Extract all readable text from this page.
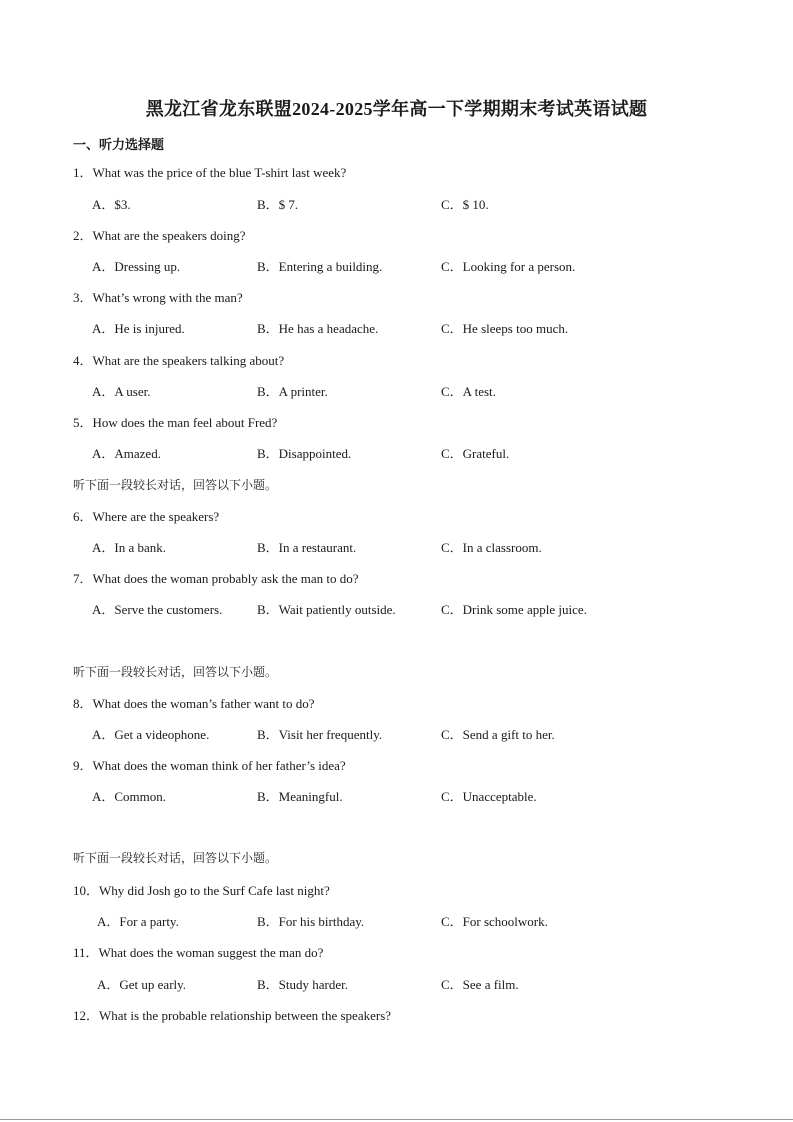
黑龙江省龙东联盟2024-2025学年高一下学期期末考试英语试题
一、听力选择题
1．What was the price of the blue T-shirt last week?
A．$3.	B．$ 7.	C．$ 10.
2．What are the speakers doing?
A．Dressing up.	B．Entering a building.	C．Looking for a person.
3．What’s wrong with the man?
A．He is injured.	B．He has a headache.	C．He sleeps too much.
4．What are the speakers talking about?
A．A user.	B．A printer.	C．A test.
5．How does the man feel about Fred?
A．Amazed.	B．Disappointed.	C．Grateful.
听下面一段较长对话，回答以下小题。
6．Where are the speakers?
A．In a bank.	B．In a restaurant.	C．In a classroom.
7．What does the woman probably ask the man to do?
A．Serve the customers.	B．Wait patiently outside.	C．Drink some apple juice.
听下面一段较长对话，回答以下小题。
8．What does the woman’s father want to do?
A．Get a videophone.	B．Visit her frequently.	C．Send a gift to her.
9．What does the woman think of her father’s idea?
A．Common.	B．Meaningful.	C．Unacceptable.
听下面一段较长对话，回答以下小题。
10．Why did Josh go to the Surf Cafe last night?
A．For a party.	B．For his birthday.	C．For schoolwork.
11．What does the woman suggest the man do?
A．Get up early.	B．Study harder.	C．See a film.
12．What is the probable relationship between the speakers?
